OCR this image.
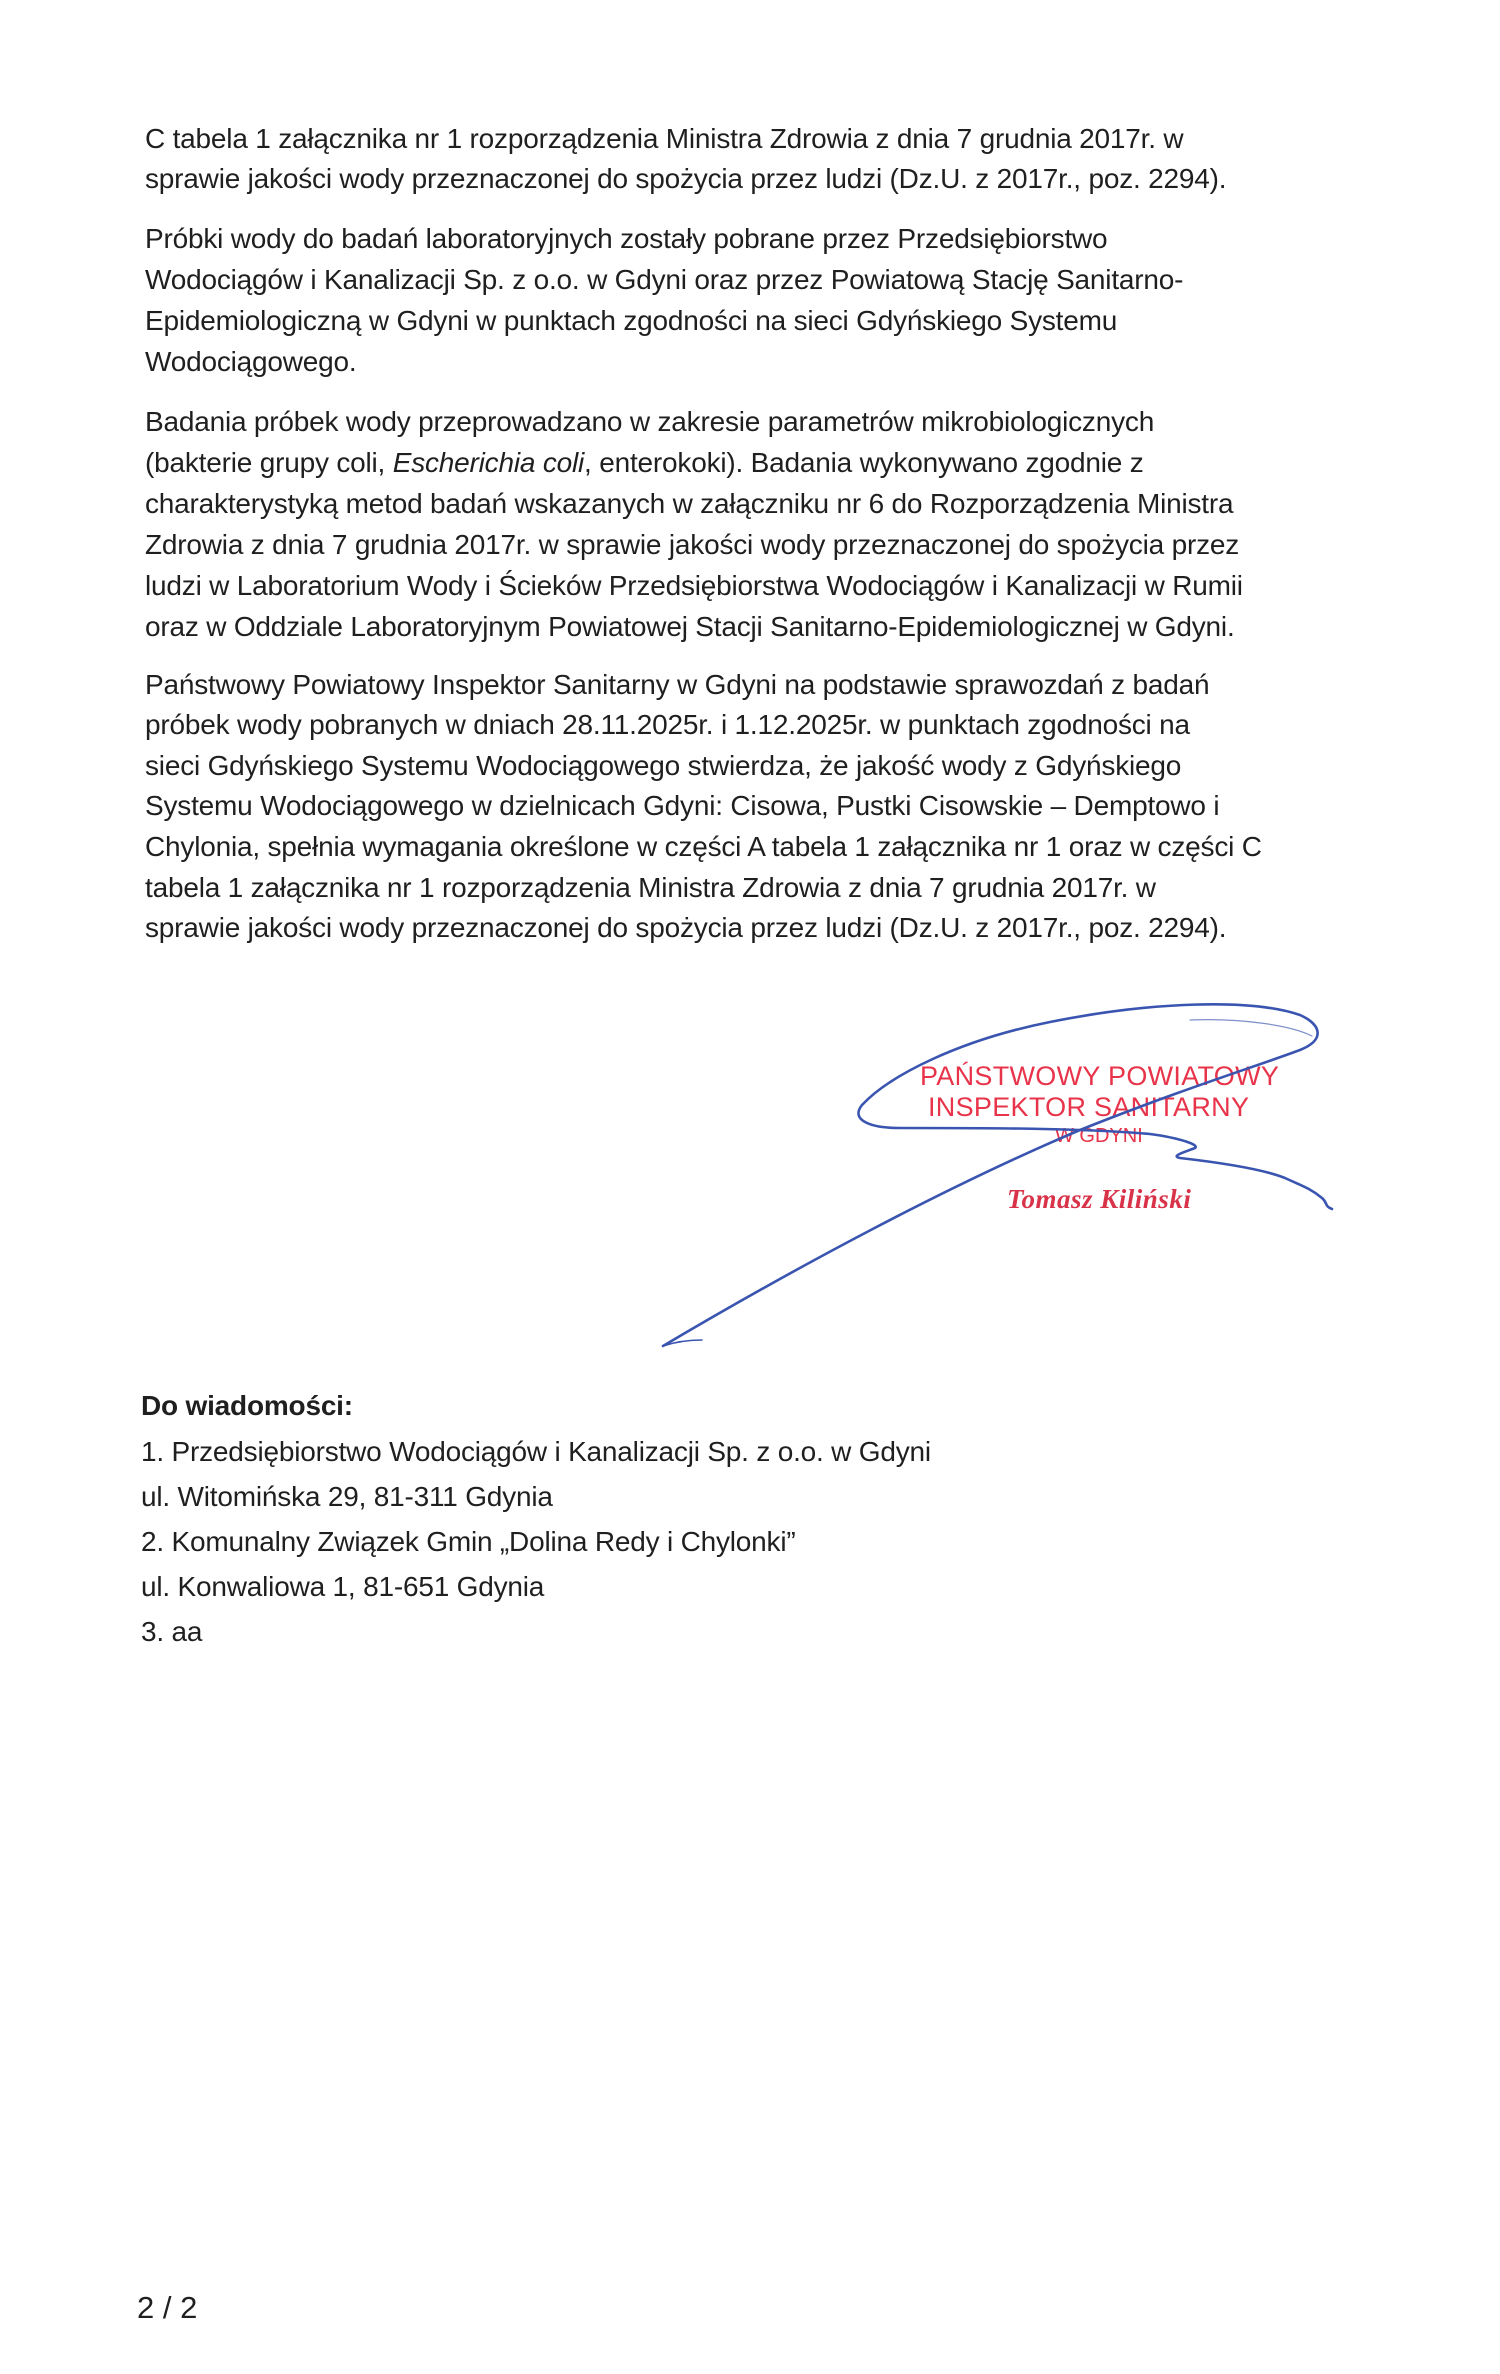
C tabela 1 załącznika nr 1 rozporządzenia Ministra Zdrowia z dnia 7 grudnia 2017r. w
sprawie jakości wody przeznaczonej do spożycia przez ludzi (Dz.U. z 2017r., poz. 2294).
Próbki wody do badań laboratoryjnych zostały pobrane przez Przedsiębiorstwo
Wodociągów i Kanalizacji Sp. z o.o. w Gdyni oraz przez Powiatową Stację Sanitarno-
Epidemiologiczną w Gdyni w punktach zgodności na sieci Gdyńskiego Systemu
Wodociągowego.
Badania próbek wody przeprowadzano w zakresie parametrów mikrobiologicznych
(bakterie grupy coli, Escherichia coli, enterokoki). Badania wykonywano zgodnie z
charakterystyką metod badań wskazanych w załączniku nr 6 do Rozporządzenia Ministra
Zdrowia z dnia 7 grudnia 2017r. w sprawie jakości wody przeznaczonej do spożycia przez
ludzi w Laboratorium Wody i Ścieków Przedsiębiorstwa Wodociągów i Kanalizacji w Rumii
oraz w Oddziale Laboratoryjnym Powiatowej Stacji Sanitarno-Epidemiologicznej w Gdyni.
Państwowy Powiatowy Inspektor Sanitarny w Gdyni na podstawie sprawozdań z badań
próbek wody pobranych w dniach 28.11.2025r. i 1.12.2025r. w punktach zgodności na
sieci Gdyńskiego Systemu Wodociągowego stwierdza, że jakość wody z Gdyńskiego
Systemu Wodociągowego w dzielnicach Gdyni: Cisowa, Pustki Cisowskie – Demptowo i
Chylonia, spełnia wymagania określone w części A tabela 1 załącznika nr 1 oraz w części C
tabela 1 załącznika nr 1 rozporządzenia Ministra Zdrowia z dnia 7 grudnia 2017r. w
sprawie jakości wody przeznaczonej do spożycia przez ludzi (Dz.U. z 2017r., poz. 2294).
PAŃSTWOWY POWIATOWY
INSPEKTOR SANITARNY
W GDYNI
Tomasz Kiliński
Do wiadomości:
1. Przedsiębiorstwo Wodociągów i Kanalizacji Sp. z o.o. w Gdyni
ul. Witomińska 29, 81-311 Gdynia
2. Komunalny Związek Gmin „Dolina Redy i Chylonki”
ul. Konwaliowa 1, 81-651 Gdynia
3. aa
2 / 2
